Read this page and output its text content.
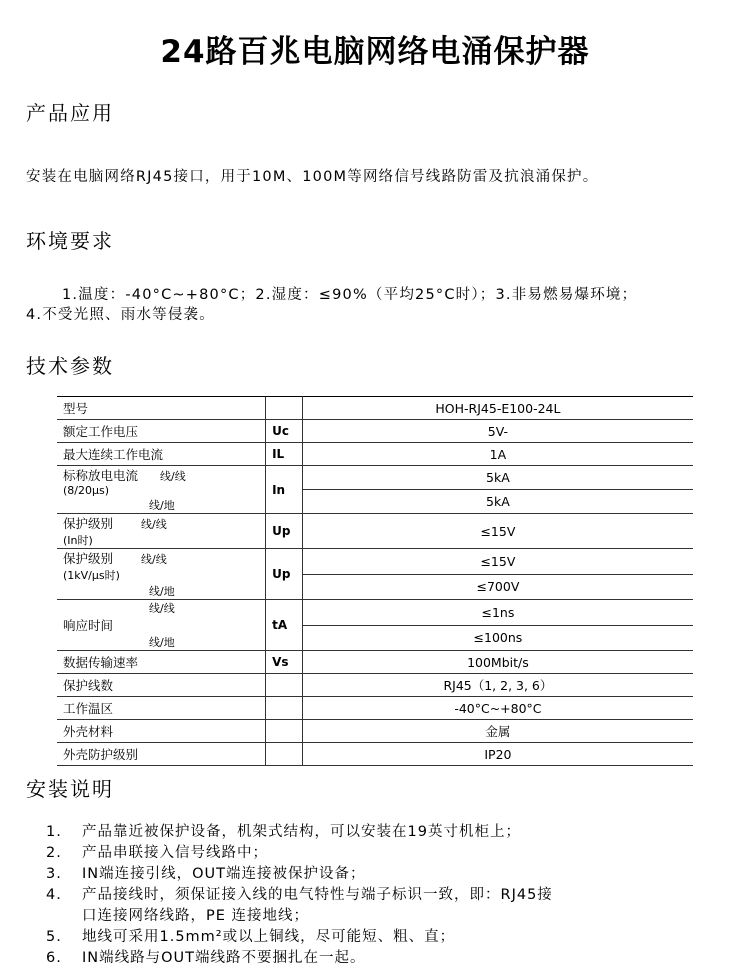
24路百兆电脑网络电涌保护器
产品应用
安装在电脑网络RJ45接口，用于10M、100M等网络信号线路防雷及抗浪涌保护。
环境要求
1.温度：-40°C~+80°C；2.湿度：≤90%（平均25°C时）；3.非易燃易爆环境；
4.不受光照、雨水等侵袭。
技术参数
型号		HOH-RJ45-E100-24L
额定工作电压	Uc	5V-
最大连续工作电流	IL	1A
标称放电电流 线/线
(8/20μs)
线/地	In	5kA
		5kA
保护级别 线/线
(In时)	Up	≤15V
保护级别 线/线
(1kV/μs时)
线/地	Up	≤15V
		≤700V

线/线
响应时间
线/地	tA	≤1ns
		≤100ns
数据传输速率	Vs	100Mbit/s
保护线数		RJ45（1, 2, 3, 6）
工作温区		-40°C~+80°C
外壳材料		金属
外壳防护级别		IP20
安装说明
1. 产品靠近被保护设备，机架式结构，可以安装在19英寸机柜上；
2. 产品串联接入信号线路中；
3. IN端连接引线，OUT端连接被保护设备；
4. 产品接线时，须保证接入线的电气特性与端子标识一致，即：RJ45接
口连接网络线路，PE 连接地线；
5. 地线可采用1.5mm²或以上铜线，尽可能短、粗、直；
6. IN端线路与OUT端线路不要捆扎在一起。
